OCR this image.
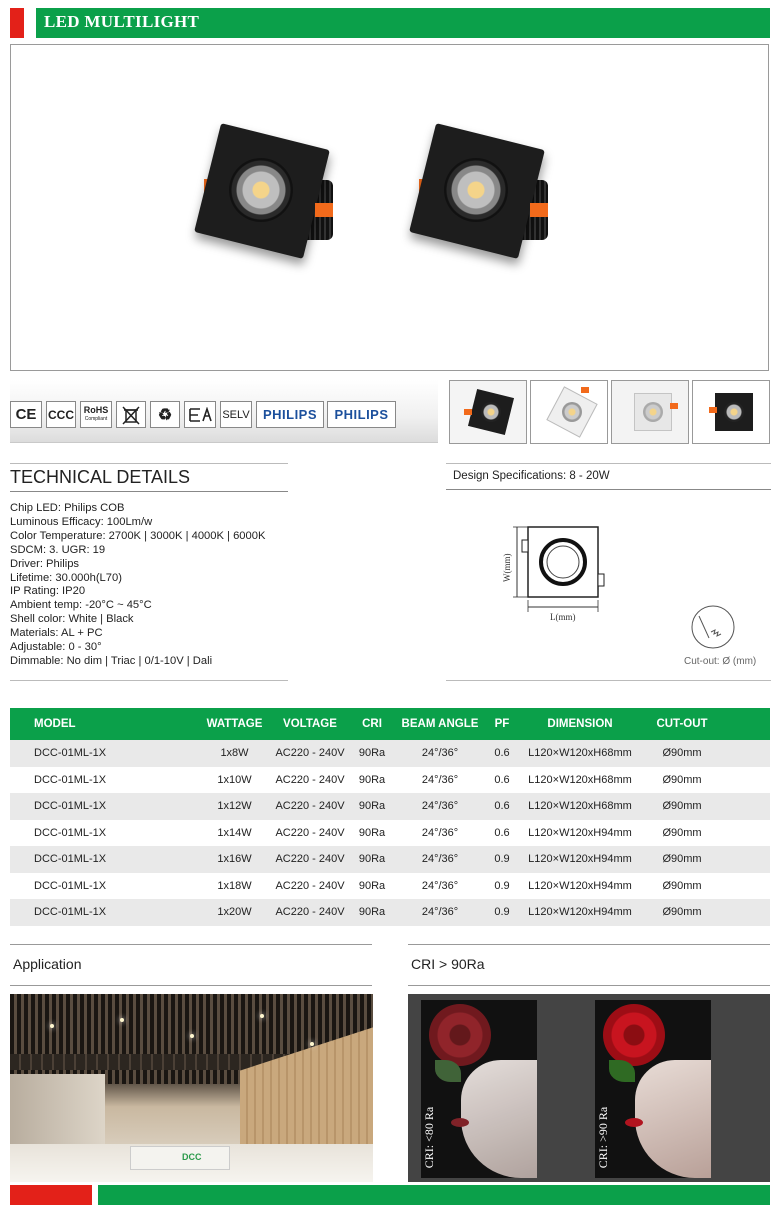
LED MULTILIGHT
CE CCC RoHS
Compliant	♻	SELV	PHILIPS	PHILIPS
TECHNICAL DETAILS
Chip LED: Philips COB
Luminous Efficacy: 100Lm/w
Color Temperature: 2700K | 3000K | 4000K | 6000K
SDCM: 3. UGR: 19
Driver: Philips
Lifetime: 30.000h(L70)
IP Rating: IP20
Ambient temp: -20°C ~ 45°C
Shell color: White | Black
Materials: AL + PC
Adjustable: 0 - 30°
Dimmable: No dim | Triac | 0/1-10V | Dali
Design Specifications: 8 - 20W
W(mm)
L(mm)
Cut-out: Ø (mm)
MODEL	WATTAGE	VOLTAGE	CRI	BEAM ANGLE	PF	DIMENSION	CUT-OUT
DCC-01ML-1X	1x8W	AC220 - 240V	90Ra	24°/36°	0.6	L120×W120xH68mm	Ø90mm
DCC-01ML-1X	1x10W	AC220 - 240V	90Ra	24°/36°	0.6	L120×W120xH68mm	Ø90mm
DCC-01ML-1X	1x12W	AC220 - 240V	90Ra	24°/36°	0.6	L120×W120xH68mm	Ø90mm
DCC-01ML-1X	1x14W	AC220 - 240V	90Ra	24°/36°	0.6	L120×W120xH94mm	Ø90mm
DCC-01ML-1X	1x16W	AC220 - 240V	90Ra	24°/36°	0.9	L120×W120xH94mm	Ø90mm
DCC-01ML-1X	1x18W	AC220 - 240V	90Ra	24°/36°	0.9	L120×W120xH94mm	Ø90mm
DCC-01ML-1X	1x20W	AC220 - 240V	90Ra	24°/36°	0.9	L120×W120xH94mm	Ø90mm
Application	CRI > 90Ra
DCC	CRI: <80 Ra	CRI: >90 Ra
